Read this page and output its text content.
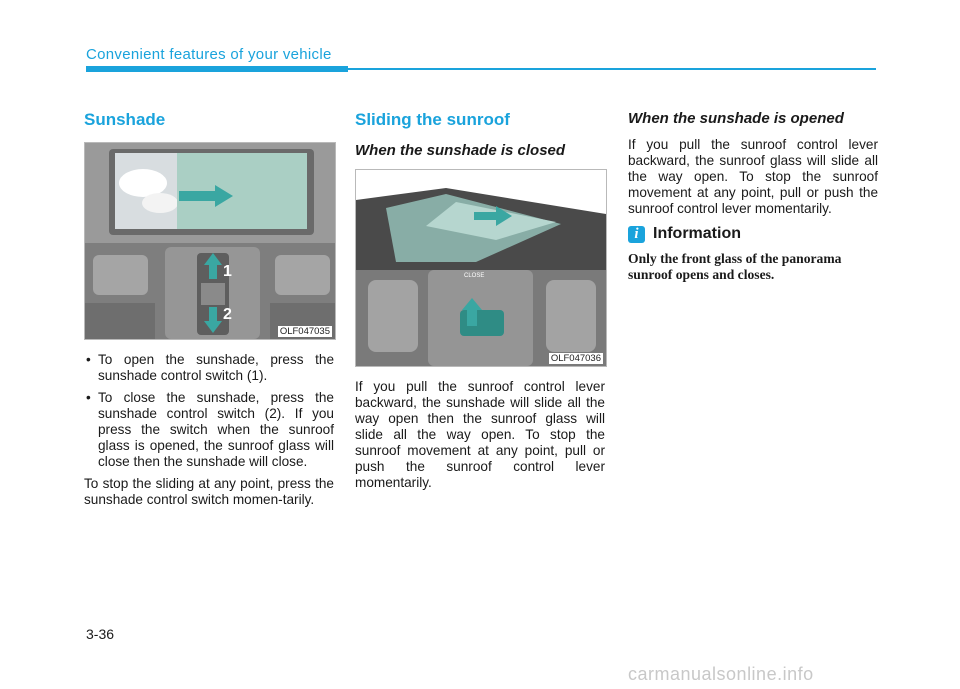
Convenient features of your vehicle
Sunshade
1
2
OLF047035
• To open the sunshade, press the sunshade control switch (1).
• To close the sunshade, press the sunshade control switch (2). If you press the switch when the sunroof glass is opened, the sunroof glass will close then the sunshade will close.

To stop the sliding at any point, press the sunshade control switch momen-tarily.

Sliding the sunroof
When the sunshade is closed
CLOSE
OLF047036

If you pull the sunroof control lever backward, the sunshade will slide all the way open then the sunroof glass will slide all the way open. To stop the sunroof movement at any point, pull or push the sunroof control lever momentarily.

When the sunshade is opened

If you pull the sunroof control lever backward, the sunroof glass will slide all the way open. To stop the sunroof movement at any point, pull or push the sunroof control lever momentarily.

i Information
Only the front glass of the panorama sunroof opens and closes.
3-36
carmanualsonline.info
